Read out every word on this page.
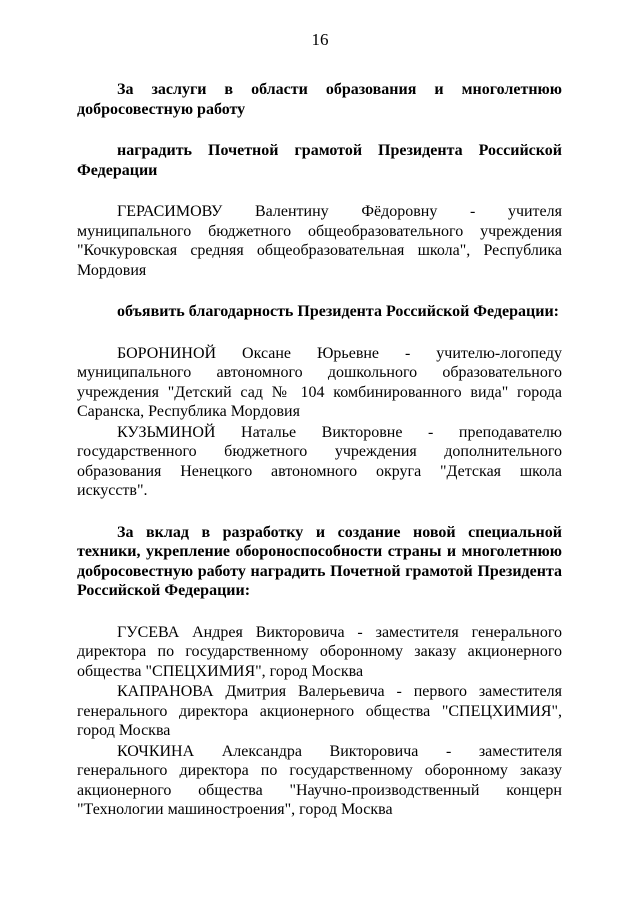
16

За заслуги в области образования и многолетнюю добросовестную работу

наградить Почетной грамотой Президента Российской Федерации

ГЕРАСИМОВУ Валентину Фёдоровну - учителя муниципального бюджетного общеобразовательного учреждения "Кочкуровская средняя общеобразовательная школа", Республика Мордовия

объявить благодарность Президента Российской Федерации:

БОРОНИНОЙ Оксане Юрьевне - учителю-логопеду муниципального автономного дошкольного образовательного учреждения "Детский сад № 104 комбинированного вида" города Саранска, Республика Мордовия

КУЗЬМИНОЙ Наталье Викторовне - преподавателю государственного бюджетного учреждения дополнительного образования Ненецкого автономного округа "Детская школа искусств".

За вклад в разработку и создание новой специальной техники, укрепление обороноспособности страны и многолетнюю добросовестную работу наградить Почетной грамотой Президента Российской Федерации:

ГУСЕВА Андрея Викторовича - заместителя генерального директора по государственному оборонному заказу акционерного общества "СПЕЦХИМИЯ", город Москва

КАПРАНОВА Дмитрия Валерьевича - первого заместителя генерального директора акционерного общества "СПЕЦХИМИЯ", город Москва

КОЧКИНА Александра Викторовича - заместителя генерального директора по государственному оборонному заказу акционерного общества "Научно-производственный концерн "Технологии машиностроения", город Москва
